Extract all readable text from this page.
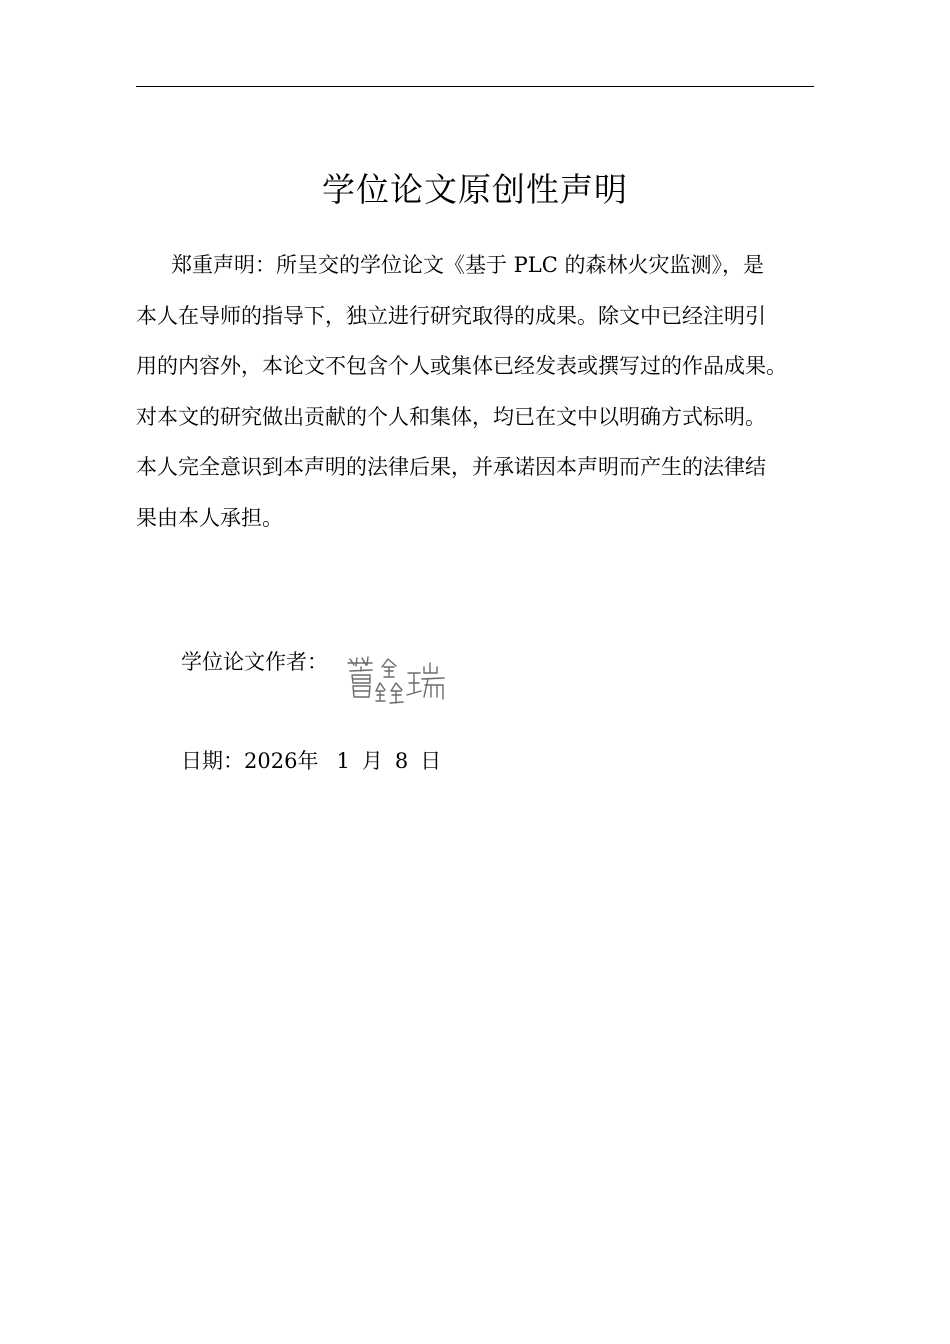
学位论文原创性声明
郑重声明：所呈交的学位论文《基于 PLC 的森林火灾监测》，是
本人在导师的指导下，独立进行研究取得的成果。除文中已经注明引
用的内容外，本论文不包含个人或集体已经发表或撰写过的作品成果。
对本文的研究做出贡献的个人和集体，均已在文中以明确方式标明。
本人完全意识到本声明的法律后果，并承诺因本声明而产生的法律结
果由本人承担。
学位论文作者：
日期：2026年 1 月 8 日
